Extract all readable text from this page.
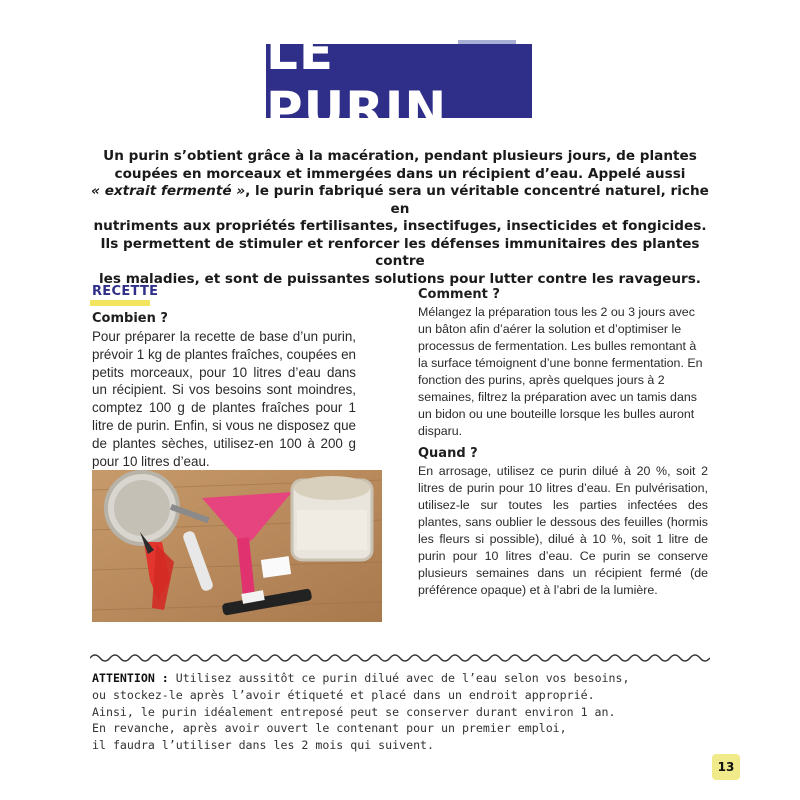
LE PURIN
Un purin s’obtient grâce à la macération, pendant plusieurs jours, de plantes
coupées en morceaux et immergées dans un récipient d’eau. Appelé aussi
« extrait fermenté », le purin fabriqué sera un véritable concentré naturel, riche en
nutriments aux propriétés fertilisantes, insectifuges, insecticides et fongicides.
Ils permettent de stimuler et renforcer les défenses immunitaires des plantes contre
les maladies, et sont de puissantes solutions pour lutter contre les ravageurs.
RECETTE
Combien ?
Pour préparer la recette de base d’un purin, prévoir 1 kg de plantes fraîches, coupées en petits morceaux, pour 10 litres d’eau dans un récipient. Si vos besoins sont moindres, comptez 100 g de plantes fraîches pour 1 litre de purin. Enfin, si vous ne disposez que de plantes sèches, utilisez-en 100 à 200 g pour 10 litres d’eau.
Comment ?
Mélangez la préparation tous les 2 ou 3 jours avec un bâton afin d’aérer la solution et d’optimiser le processus de fermentation. Les bulles remontant à la surface témoignent d’une bonne fermentation. En fonction des purins, après quelques jours à 2 semaines, filtrez la préparation avec un tamis dans un bidon ou une bouteille lorsque les bulles auront disparu.
Quand ?
En arrosage, utilisez ce purin dilué à 20 %, soit 2 litres de purin pour 10 litres d’eau. En pulvérisation, utilisez-le sur toutes les parties infectées des plantes, sans oublier le dessous des feuilles (hormis les fleurs si possible), dilué à 10 %, soit 1 litre de purin pour 10 litres d’eau. Ce purin se conserve plusieurs semaines dans un récipient fermé (de préférence opaque) et à l’abri de la lumière.
ATTENTION : Utilisez aussitôt ce purin dilué avec de l’eau selon vos besoins,
ou stockez-le après l’avoir étiqueté et placé dans un endroit approprié.
Ainsi, le purin idéalement entreposé peut se conserver durant environ 1 an.
En revanche, après avoir ouvert le contenant pour un premier emploi,
il faudra l’utiliser dans les 2 mois qui suivent.
13
